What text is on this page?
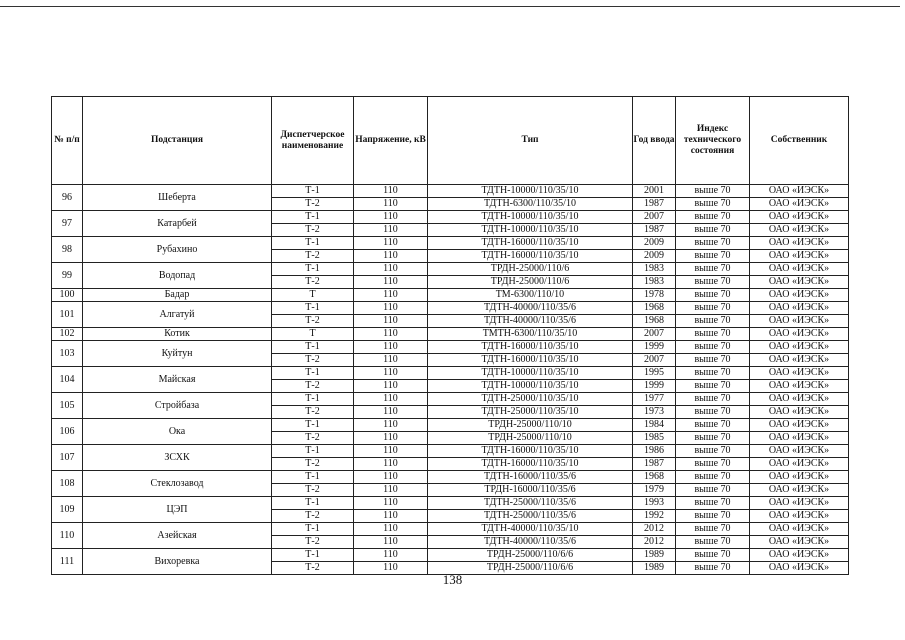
№ п/п	Подстанция	Диспетчерское наименование	Напряжение, кВ	Тип	Год ввода	Индекс технического состояния	Собственник
96	Шеберта	Т-1	110	ТДТН-10000/110/35/10	2001	выше 70	ОАО «ИЭСК»
		Т-2	110	ТДТН-6300/110/35/10	1987	выше 70	ОАО «ИЭСК»
97	Катарбей	Т-1	110	ТДТН-10000/110/35/10	2007	выше 70	ОАО «ИЭСК»
		Т-2	110	ТДТН-10000/110/35/10	1987	выше 70	ОАО «ИЭСК»
98	Рубахино	Т-1	110	ТДТН-16000/110/35/10	2009	выше 70	ОАО «ИЭСК»
		Т-2	110	ТДТН-16000/110/35/10	2009	выше 70	ОАО «ИЭСК»
99	Водопад	Т-1	110	ТРДН-25000/110/6	1983	выше 70	ОАО «ИЭСК»
		Т-2	110	ТРДН-25000/110/6	1983	выше 70	ОАО «ИЭСК»
100	Бадар	Т	110	ТМ-6300/110/10	1978	выше 70	ОАО «ИЭСК»
101	Алгатуй	Т-1	110	ТДТН-40000/110/35/6	1968	выше 70	ОАО «ИЭСК»
		Т-2	110	ТДТН-40000/110/35/6	1968	выше 70	ОАО «ИЭСК»
102	Котик	Т	110	ТМТН-6300/110/35/10	2007	выше 70	ОАО «ИЭСК»
103	Куйтун	Т-1	110	ТДТН-16000/110/35/10	1999	выше 70	ОАО «ИЭСК»
		Т-2	110	ТДТН-16000/110/35/10	2007	выше 70	ОАО «ИЭСК»
104	Майская	Т-1	110	ТДТН-10000/110/35/10	1995	выше 70	ОАО «ИЭСК»
		Т-2	110	ТДТН-10000/110/35/10	1999	выше 70	ОАО «ИЭСК»
105	Стройбаза	Т-1	110	ТДТН-25000/110/35/10	1977	выше 70	ОАО «ИЭСК»
		Т-2	110	ТДТН-25000/110/35/10	1973	выше 70	ОАО «ИЭСК»
106	Ока	Т-1	110	ТРДН-25000/110/10	1984	выше 70	ОАО «ИЭСК»
		Т-2	110	ТРДН-25000/110/10	1985	выше 70	ОАО «ИЭСК»
107	ЗСХК	Т-1	110	ТДТН-16000/110/35/10	1986	выше 70	ОАО «ИЭСК»
		Т-2	110	ТДТН-16000/110/35/10	1987	выше 70	ОАО «ИЭСК»
108	Стеклозавод	Т-1	110	ТДТН-16000/110/35/6	1968	выше 70	ОАО «ИЭСК»
		Т-2	110	ТРДН-16000/110/35/6	1979	выше 70	ОАО «ИЭСК»
109	ЦЭП	Т-1	110	ТДТН-25000/110/35/6	1993	выше 70	ОАО «ИЭСК»
		Т-2	110	ТДТН-25000/110/35/6	1992	выше 70	ОАО «ИЭСК»
110	Азейская	Т-1	110	ТДТН-40000/110/35/10	2012	выше 70	ОАО «ИЭСК»
		Т-2	110	ТДТН-40000/110/35/6	2012	выше 70	ОАО «ИЭСК»
111	Вихоревка	Т-1	110	ТРДН-25000/110/6/6	1989	выше 70	ОАО «ИЭСК»
		Т-2	110	ТРДН-25000/110/6/6	1989	выше 70	ОАО «ИЭСК»
138
